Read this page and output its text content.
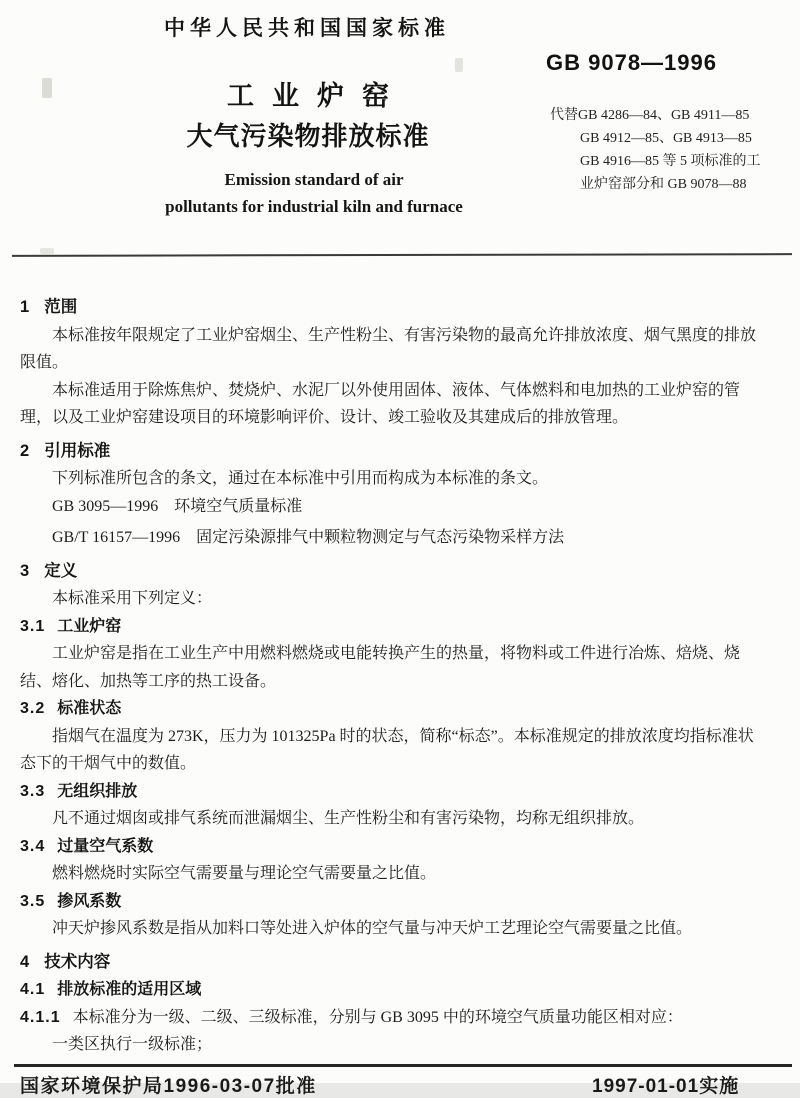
中华人民共和国国家标准
GB 9078—1996
工业炉窑
大气污染物排放标准
代替GB 4286—84、GB 4911—85
GB 4912—85、GB 4913—85
GB 4916—85 等 5 项标准的工
业炉窑部分和 GB 9078—88
Emission standard of air
pollutants for industrial kiln and furnace
1 范围

本标准按年限规定了工业炉窑烟尘、生产性粉尘、有害污染物的最高允许排放浓度、烟气黑度的排放限值。

本标准适用于除炼焦炉、焚烧炉、水泥厂以外使用固体、液体、气体燃料和电加热的工业炉窑的管理，以及工业炉窑建设项目的环境影响评价、设计、竣工验收及其建成后的排放管理。

2 引用标准

下列标准所包含的条文，通过在本标准中引用而构成为本标准的条文。

GB 3095—1996　环境空气质量标准

GB/T 16157—1996　固定污染源排气中颗粒物测定与气态污染物采样方法

3 定义

本标准采用下列定义：

3.1 工业炉窑

工业炉窑是指在工业生产中用燃料燃烧或电能转换产生的热量，将物料或工件进行冶炼、焙烧、烧结、熔化、加热等工序的热工设备。

3.2 标准状态

指烟气在温度为 273K，压力为 101325Pa 时的状态，简称“标态”。本标准规定的排放浓度均指标准状态下的干烟气中的数值。

3.3 无组织排放

凡不通过烟囱或排气系统而泄漏烟尘、生产性粉尘和有害污染物，均称无组织排放。

3.4 过量空气系数

燃料燃烧时实际空气需要量与理论空气需要量之比值。

3.5 掺风系数

冲天炉掺风系数是指从加料口等处进入炉体的空气量与冲天炉工艺理论空气需要量之比值。

4 技术内容
4.1 排放标准的适用区域
4.1.1 本标准分为一级、二级、三级标准，分别与 GB 3095 中的环境空气质量功能区相对应：

一类区执行一级标准；

国家环境保护局1996-03-07批准	1997-01-01实施
